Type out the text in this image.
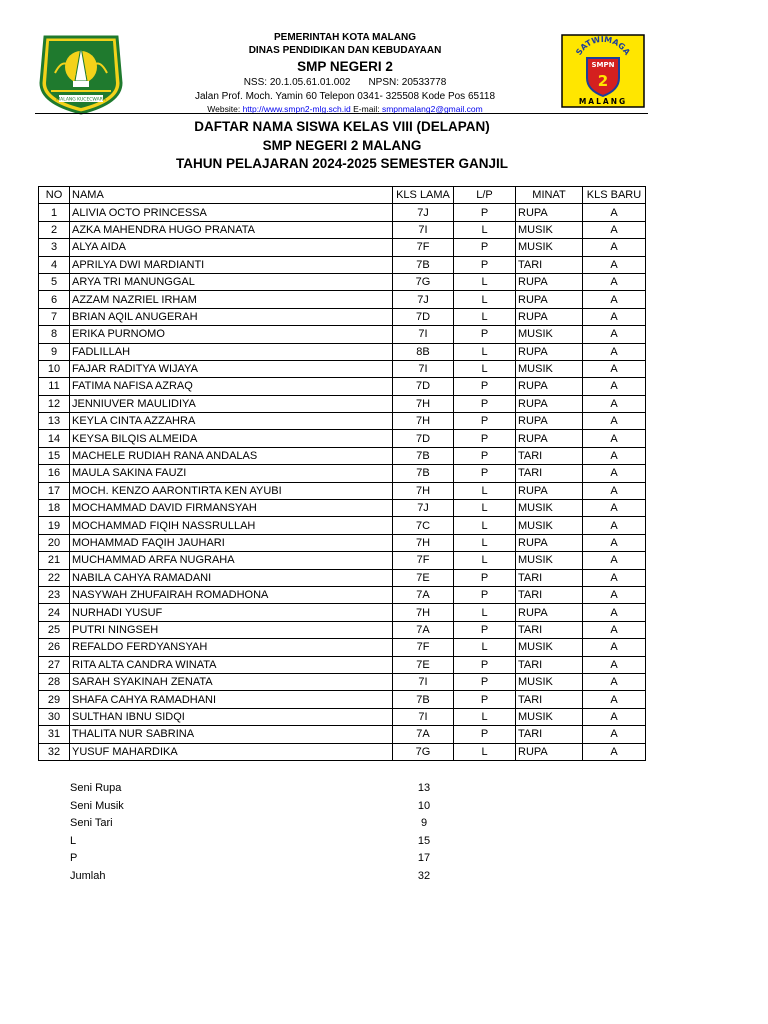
MALANG KUCECWARA
PEMERINTAH KOTA MALANG
DINAS PENDIDIKAN DAN KEBUDAYAAN
SMP NEGERI 2
NSS: 20.1.05.61.01.002 NPSN: 20533778
Jalan Prof. Moch. Yamin 60 Telepon 0341- 325508 Kode Pos 65118
Website: http://www.smpn2-mlg.sch.id E-mail: smpnmalang2@gmail.com
SATWIMAGA
SMPN
2
MALANG
DAFTAR NAMA SISWA KELAS VIII (DELAPAN)
SMP NEGERI 2 MALANG
TAHUN PELAJARAN 2024-2025 SEMESTER GANJIL
NO	NAMA	KLS LAMA	L/P	MINAT	KLS BARU
1	ALIVIA OCTO PRINCESSA	7J	P	RUPA	A
2	AZKA MAHENDRA HUGO PRANATA	7I	L	MUSIK	A
3	ALYA AIDA	7F	P	MUSIK	A
4	APRILYA DWI MARDIANTI	7B	P	TARI	A
5	ARYA TRI MANUNGGAL	7G	L	RUPA	A
6	AZZAM NAZRIEL IRHAM	7J	L	RUPA	A
7	BRIAN AQIL ANUGERAH	7D	L	RUPA	A
8	ERIKA PURNOMO	7I	P	MUSIK	A
9	FADLILLAH	8B	L	RUPA	A
10	FAJAR RADITYA WIJAYA	7I	L	MUSIK	A
11	FATIMA NAFISA AZRAQ	7D	P	RUPA	A
12	JENNIUVER MAULIDIYA	7H	P	RUPA	A
13	KEYLA CINTA AZZAHRA	7H	P	RUPA	A
14	KEYSA BILQIS ALMEIDA	7D	P	RUPA	A
15	MACHELE RUDIAH RANA ANDALAS	7B	P	TARI	A
16	MAULA SAKINA FAUZI	7B	P	TARI	A
17	MOCH. KENZO AARONTIRTA KEN AYUBI	7H	L	RUPA	A
18	MOCHAMMAD DAVID FIRMANSYAH	7J	L	MUSIK	A
19	MOCHAMMAD FIQIH NASSRULLAH	7C	L	MUSIK	A
20	MOHAMMAD FAQIH JAUHARI	7H	L	RUPA	A
21	MUCHAMMAD ARFA NUGRAHA	7F	L	MUSIK	A
22	NABILA CAHYA RAMADANI	7E	P	TARI	A
23	NASYWAH ZHUFAIRAH ROMADHONA	7A	P	TARI	A
24	NURHADI YUSUF	7H	L	RUPA	A
25	PUTRI NINGSEH	7A	P	TARI	A
26	REFALDO FERDYANSYAH	7F	L	MUSIK	A
27	RITA ALTA CANDRA WINATA	7E	P	TARI	A
28	SARAH SYAKINAH ZENATA	7I	P	MUSIK	A
29	SHAFA CAHYA RAMADHANI	7B	P	TARI	A
30	SULTHAN IBNU SIDQI	7I	L	MUSIK	A
31	THALITA NUR SABRINA	7A	P	TARI	A
32	YUSUF MAHARDIKA	7G	L	RUPA	A
Seni Rupa	13
Seni Musik	10
Seni Tari	9
L	15
P	17
Jumlah	32
